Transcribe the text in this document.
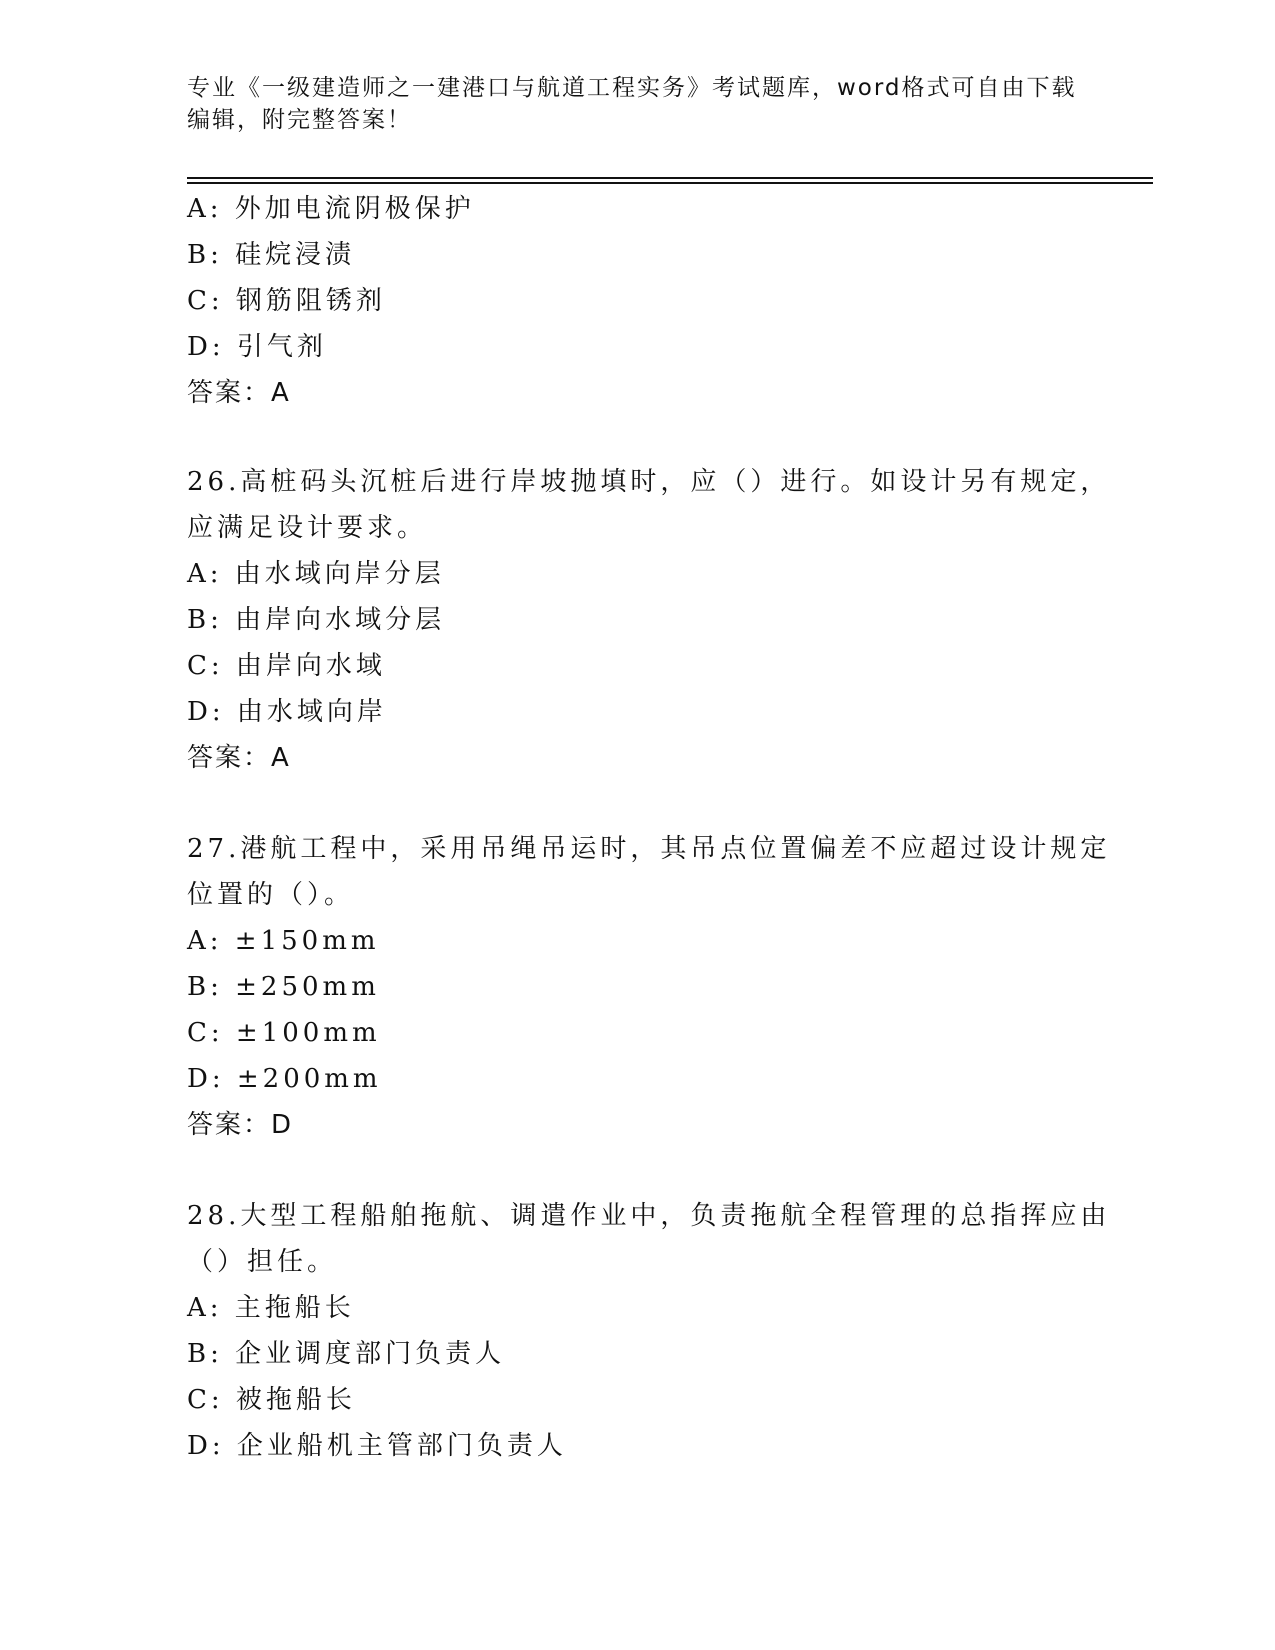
专业《一级建造师之一建港口与航道工程实务》考试题库，word格式可自由下载
编辑，附完整答案！
A: 外加电流阴极保护
B: 硅烷浸渍
C: 钢筋阻锈剂
D: 引气剂
答案：A
26.高桩码头沉桩后进行岸坡抛填时，应（）进行。如设计另有规定，
应满足设计要求。
A: 由水域向岸分层
B: 由岸向水域分层
C: 由岸向水域
D: 由水域向岸
答案：A
27.港航工程中，采用吊绳吊运时，其吊点位置偏差不应超过设计规定
位置的（）。
A: ±150mm
B: ±250mm
C: ±100mm
D: ±200mm
答案：D
28.大型工程船舶拖航、调遣作业中，负责拖航全程管理的总指挥应由
（）担任。
A: 主拖船长
B: 企业调度部门负责人
C: 被拖船长
D: 企业船机主管部门负责人
